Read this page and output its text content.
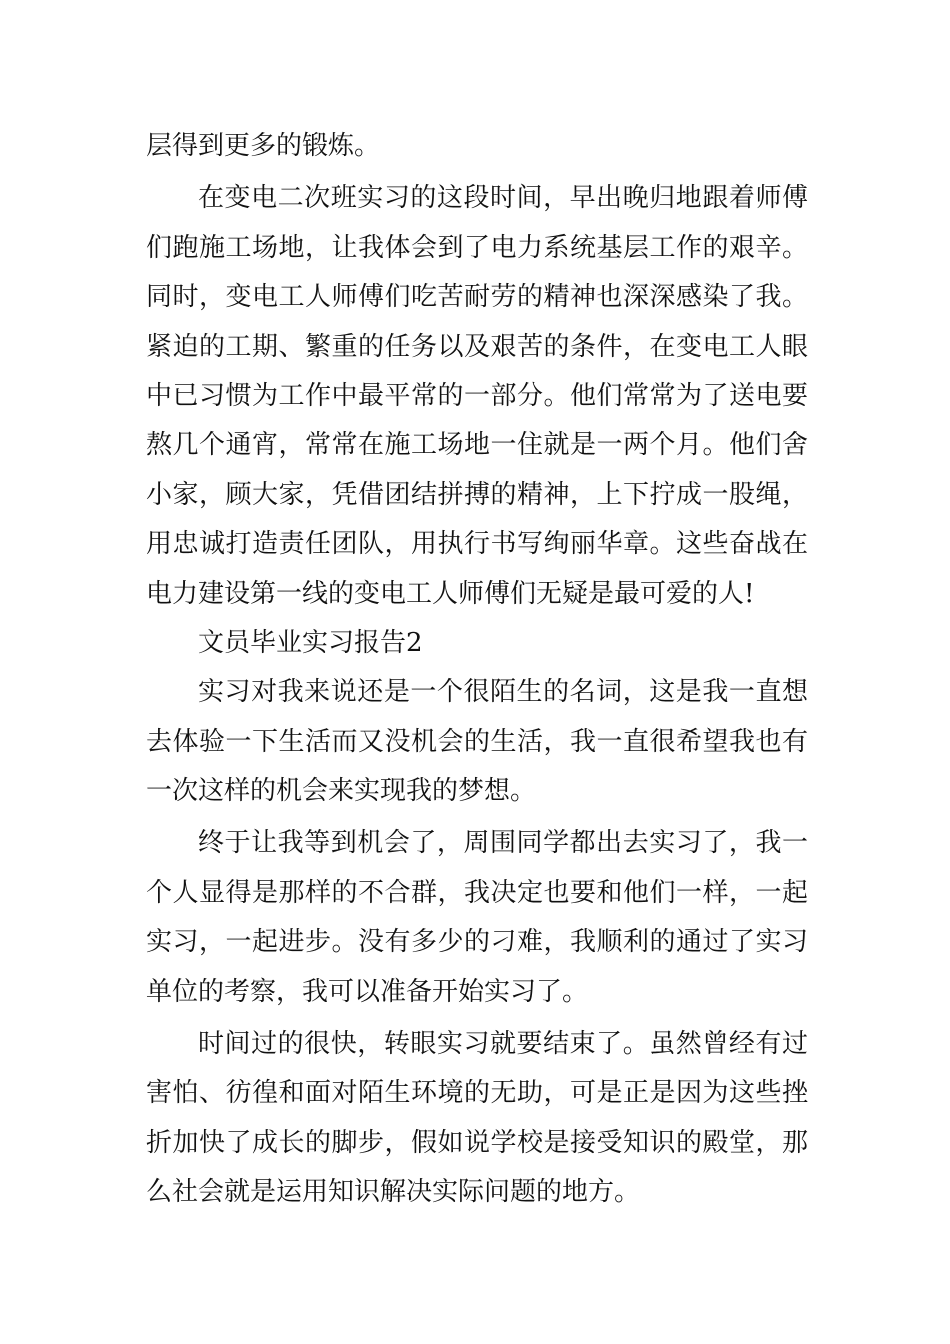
层得到更多的锻炼。
在变电二次班实习的这段时间，早出晚归地跟着师傅
们跑施工场地，让我体会到了电力系统基层工作的艰辛。
同时，变电工人师傅们吃苦耐劳的精神也深深感染了我。
紧迫的工期、繁重的任务以及艰苦的条件，在变电工人眼
中已习惯为工作中最平常的一部分。他们常常为了送电要
熬几个通宵，常常在施工场地一住就是一两个月。他们舍
小家，顾大家，凭借团结拼搏的精神，上下拧成一股绳，
用忠诚打造责任团队，用执行书写绚丽华章。这些奋战在
电力建设第一线的变电工人师傅们无疑是最可爱的人!
文员毕业实习报告2
实习对我来说还是一个很陌生的名词，这是我一直想
去体验一下生活而又没机会的生活，我一直很希望我也有
一次这样的机会来实现我的梦想。
终于让我等到机会了，周围同学都出去实习了，我一
个人显得是那样的不合群，我决定也要和他们一样，一起
实习，一起进步。没有多少的刁难，我顺利的通过了实习
单位的考察，我可以准备开始实习了。
时间过的很快，转眼实习就要结束了。虽然曾经有过
害怕、彷徨和面对陌生环境的无助，可是正是因为这些挫
折加快了成长的脚步，假如说学校是接受知识的殿堂，那
么社会就是运用知识解决实际问题的地方。
